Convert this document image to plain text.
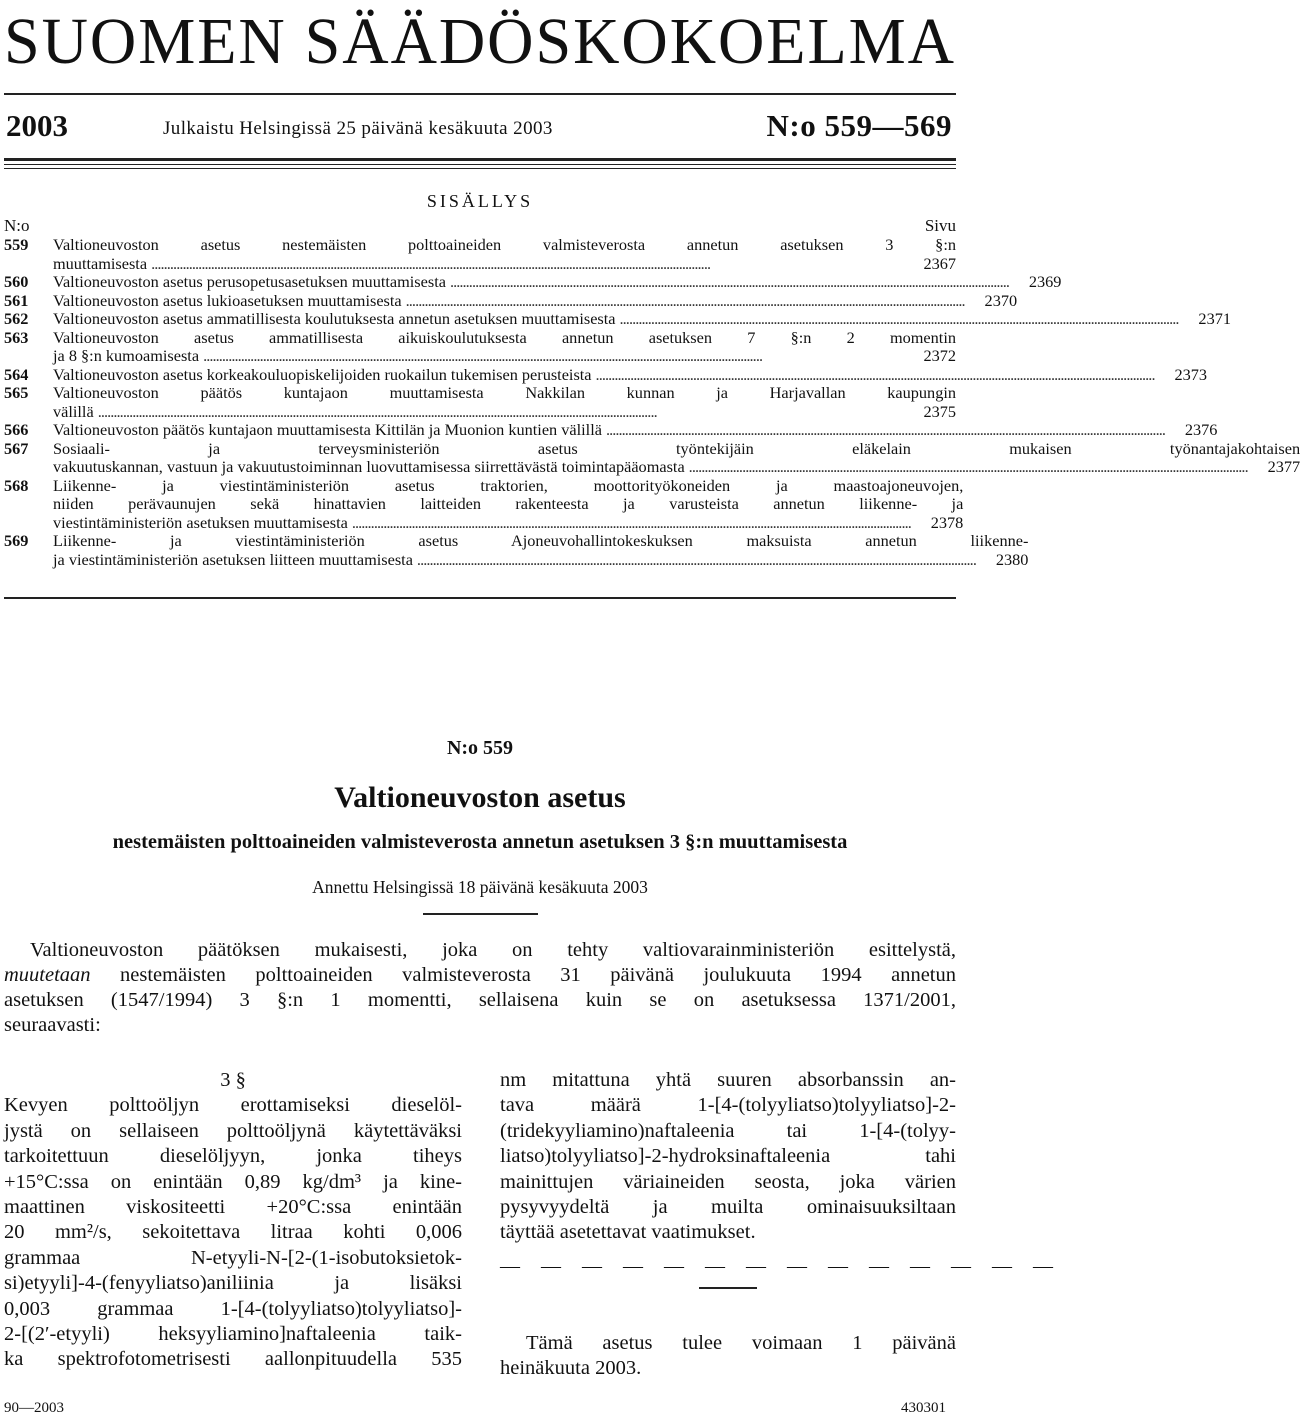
SUOMEN SÄÄDÖSKOKOELMA
2003	Julkaistu Helsingissä 25 päivänä kesäkuuta 2003	N:o 559—569
SISÄLLYS
N:o	Sivu
559	Valtioneuvoston asetus nestemäisten polttoaineiden valmisteverosta annetun asetuksen 3 §:n
muuttamisesta . . .	2367
560	Valtioneuvoston asetus perusopetusasetuksen muuttamisesta . . .	2369
561	Valtioneuvoston asetus lukioasetuksen muuttamisesta . . .	2370
562	Valtioneuvoston asetus ammatillisesta koulutuksesta annetun asetuksen muuttamisesta . . .	2371
563	Valtioneuvoston asetus ammatillisesta aikuiskoulutuksesta annetun asetuksen 7 §:n 2 momentin
ja 8 §:n kumoamisesta . . .	2372
564	Valtioneuvoston asetus korkeakouluopiskelijoiden ruokailun tukemisen perusteista . . .	2373
565	Valtioneuvoston päätös kuntajaon muuttamisesta Nakkilan kunnan ja Harjavallan kaupungin
välillä . . .	2375
566	Valtioneuvoston päätös kuntajaon muuttamisesta Kittilän ja Muonion kuntien välillä . . .	2376
567	Sosiaali- ja terveysministeriön asetus työntekijäin eläkelain mukaisen työnantajakohtaisen
vakuutuskannan, vastuun ja vakuutustoiminnan luovuttamisessa siirrettävästä toimintapääomasta . . .	2377
568	Liikenne- ja viestintäministeriön asetus traktorien, moottorityökoneiden ja maastoajoneuvojen,
niiden perävaunujen sekä hinattavien laitteiden rakenteesta ja varusteista annetun liikenne- ja
viestintäministeriön asetuksen muuttamisesta . . .	2378
569	Liikenne- ja viestintäministeriön asetus Ajoneuvohallintokeskuksen maksuista annetun liikenne-
ja viestintäministeriön asetuksen liitteen muuttamisesta . . .	2380
N:o 559
Valtioneuvoston asetus
nestemäisten polttoaineiden valmisteverosta annetun asetuksen 3 §:n muuttamisesta
Annettu Helsingissä 18 päivänä kesäkuuta 2003
Valtioneuvoston päätöksen mukaisesti, joka on tehty valtiovarainministeriön esittelystä,
muutetaan nestemäisten polttoaineiden valmisteverosta 31 päivänä joulukuuta 1994 annetun
asetuksen (1547/1994) 3 §:n 1 momentti, sellaisena kuin se on asetuksessa 1371/2001,
seuraavasti:
3 §
Kevyen polttoöljyn erottamiseksi dieselöl-
jystä on sellaiseen polttoöljynä käytettäväksi
tarkoitettuun dieselöljyyn, jonka tiheys
+15°C:ssa on enintään 0,89 kg/dm³ ja kine-
maattinen viskositeetti +20°C:ssa enintään
20 mm²/s, sekoitettava litraa kohti 0,006
grammaa N-etyyli-N-[2-(1-isobutoksietok-
si)etyyli]-4-(fenyyliatso)aniliinia ja lisäksi
0,003 grammaa 1-[4-(tolyyliatso)tolyyliatso]-
2-[(2′-etyyli) heksyyliamino]naftaleenia taik-
ka spektrofotometrisesti aallonpituudella 535
nm mitattuna yhtä suuren absorbanssin an-
tava määrä 1-[4-(tolyyliatso)tolyyliatso]-2-
(tridekyyliamino)naftaleenia tai 1-[4-(tolyy-
liatso)tolyyliatso]-2-hydroksinaftaleenia tahi
mainittujen väriaineiden seosta, joka värien
pysyvyydeltä ja muilta ominaisuuksiltaan
täyttää asetettavat vaatimukset.
— — — — — — — — — — — — — —
Tämä asetus tulee voimaan 1 päivänä
heinäkuuta 2003.
90—2003	430301
